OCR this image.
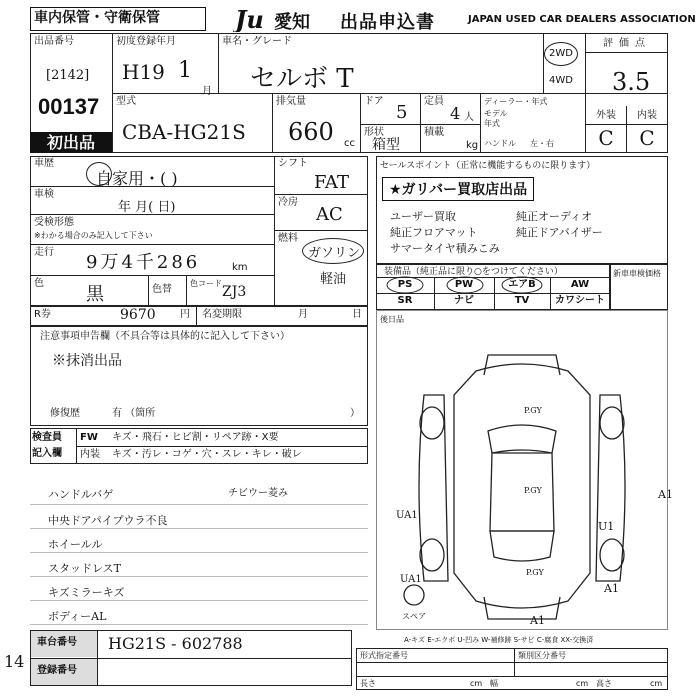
車内保管・守衛保管	Ju 愛知 出品申込書	JAPAN USED CAR DEALERS ASSOCIATION
出品番号
[2142]
00137
初出品
初度登録年月
H19 1
月
車名・グレード
セルボ T
2WD
4WD
評価点
3.5
型式
CBA-HG21S
排気量
660 cc
ドア
5
定員
4 人
形状
箱型
積載
kg
ディーラー・年式
モデル
年式
ハンドル 左・右
外装	内装
C	C
車歴
自家用・( )
車検
年 月( 日)
受検形態
※わかる場合のみ記入して下さい
走行 9万4千286	km
色
黒	色替
色コード
ZJ3
シフト
FAT
冷房
AC
燃料
ガソリン
軽油
R券	9670 円 名変期限	月	日
注意事項申告欄（不具合等は具体的に記入して下さい）
※抹消出品
修復歴	有 （箇所	）
検査員
記入欄
FW キズ・飛石・ヒビ割・リペア跡・X要
内装 キズ・汚レ・コゲ・穴・スレ・キレ・破レ
ハンドルバゲ	チビウー菱み
中央ドアパイプウラ不良
ホイールル
スタッドレスT
キズミラーキズ
ボディーAL
車台番号	HG21S - 602788
登録番号
14
セールスポイント（正常に機能するものに限ります）
★ガリバー買取店出品
ユーザー買取	純正オーディオ
純正フロアマット	純正ドアバイザー
サマータイヤ積みこみ
装備品（純正品に限り○をつけてください）
PS	PW	エアB	AW
SR	ナビ	TV	カワシート
新車車検価格
後日品
P.GY
P.GY
P.GY
A1
U1
A1
A1
UA1
UA1
スペア
A-キズ E-エクボ U-凹み W-補修跡 S-サビ C-腐食 XX-交換済
形式指定番号	類別区分番号
長さ	cm 幅	cm 高さ	cm
